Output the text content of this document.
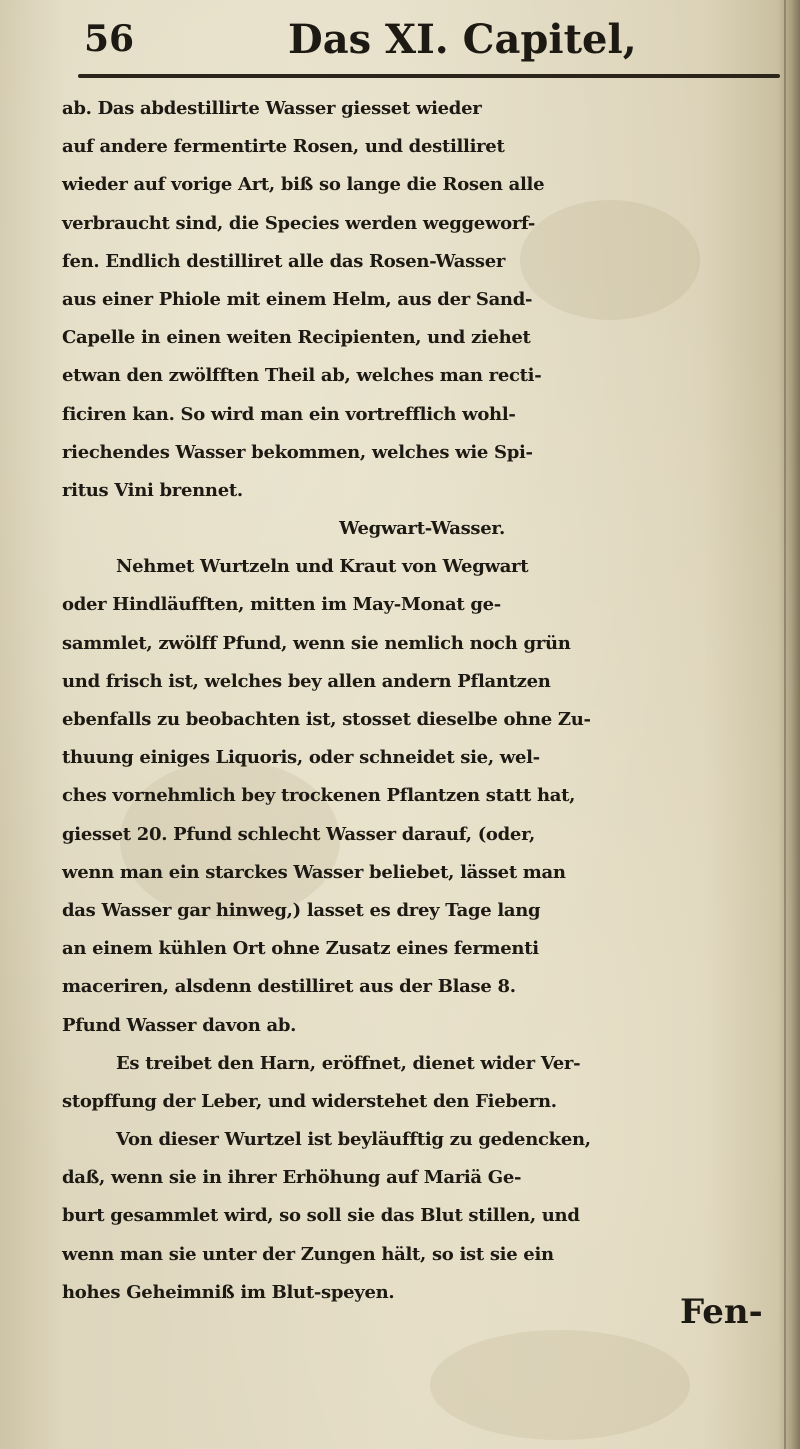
56	Das XI. Capitel,
ab. Das abdestillirte Wasser giesset wieder
auf andere fermentirte Rosen, und destilliret
wieder auf vorige Art, biß so lange die Rosen alle
verbraucht sind, die Species werden weggeworf-
fen. Endlich destilliret alle das Rosen-Wasser
aus einer Phiole mit einem Helm, aus der Sand-
Capelle in einen weiten Recipienten, und ziehet
etwan den zwölfften Theil ab, welches man recti-
ficiren kan. So wird man ein vortrefflich wohl-
riechendes Wasser bekommen, welches wie Spi-
ritus Vini brennet.
Wegwart-Wasser.
Nehmet Wurtzeln und Kraut von Wegwart
oder Hindläufften, mitten im May-Monat ge-
sammlet, zwölff Pfund, wenn sie nemlich noch grün
und frisch ist, welches bey allen andern Pflantzen
ebenfalls zu beobachten ist, stosset dieselbe ohne Zu-
thuung einiges Liquoris, oder schneidet sie, wel-
ches vornehmlich bey trockenen Pflantzen statt hat,
giesset 20. Pfund schlecht Wasser darauf, (oder,
wenn man ein starckes Wasser beliebet, lässet man
das Wasser gar hinweg,) lasset es drey Tage lang
an einem kühlen Ort ohne Zusatz eines fermenti
maceriren, alsdenn destilliret aus der Blase 8.
Pfund Wasser davon ab.
Es treibet den Harn, eröffnet, dienet wider Ver-
stopffung der Leber, und widerstehet den Fiebern.
Von dieser Wurtzel ist beyläufftig zu gedencken,
daß, wenn sie in ihrer Erhöhung auf Mariä Ge-
burt gesammlet wird, so soll sie das Blut stillen, und
wenn man sie unter der Zungen hält, so ist sie ein
hohes Geheimniß im Blut-speyen.	Fen-
